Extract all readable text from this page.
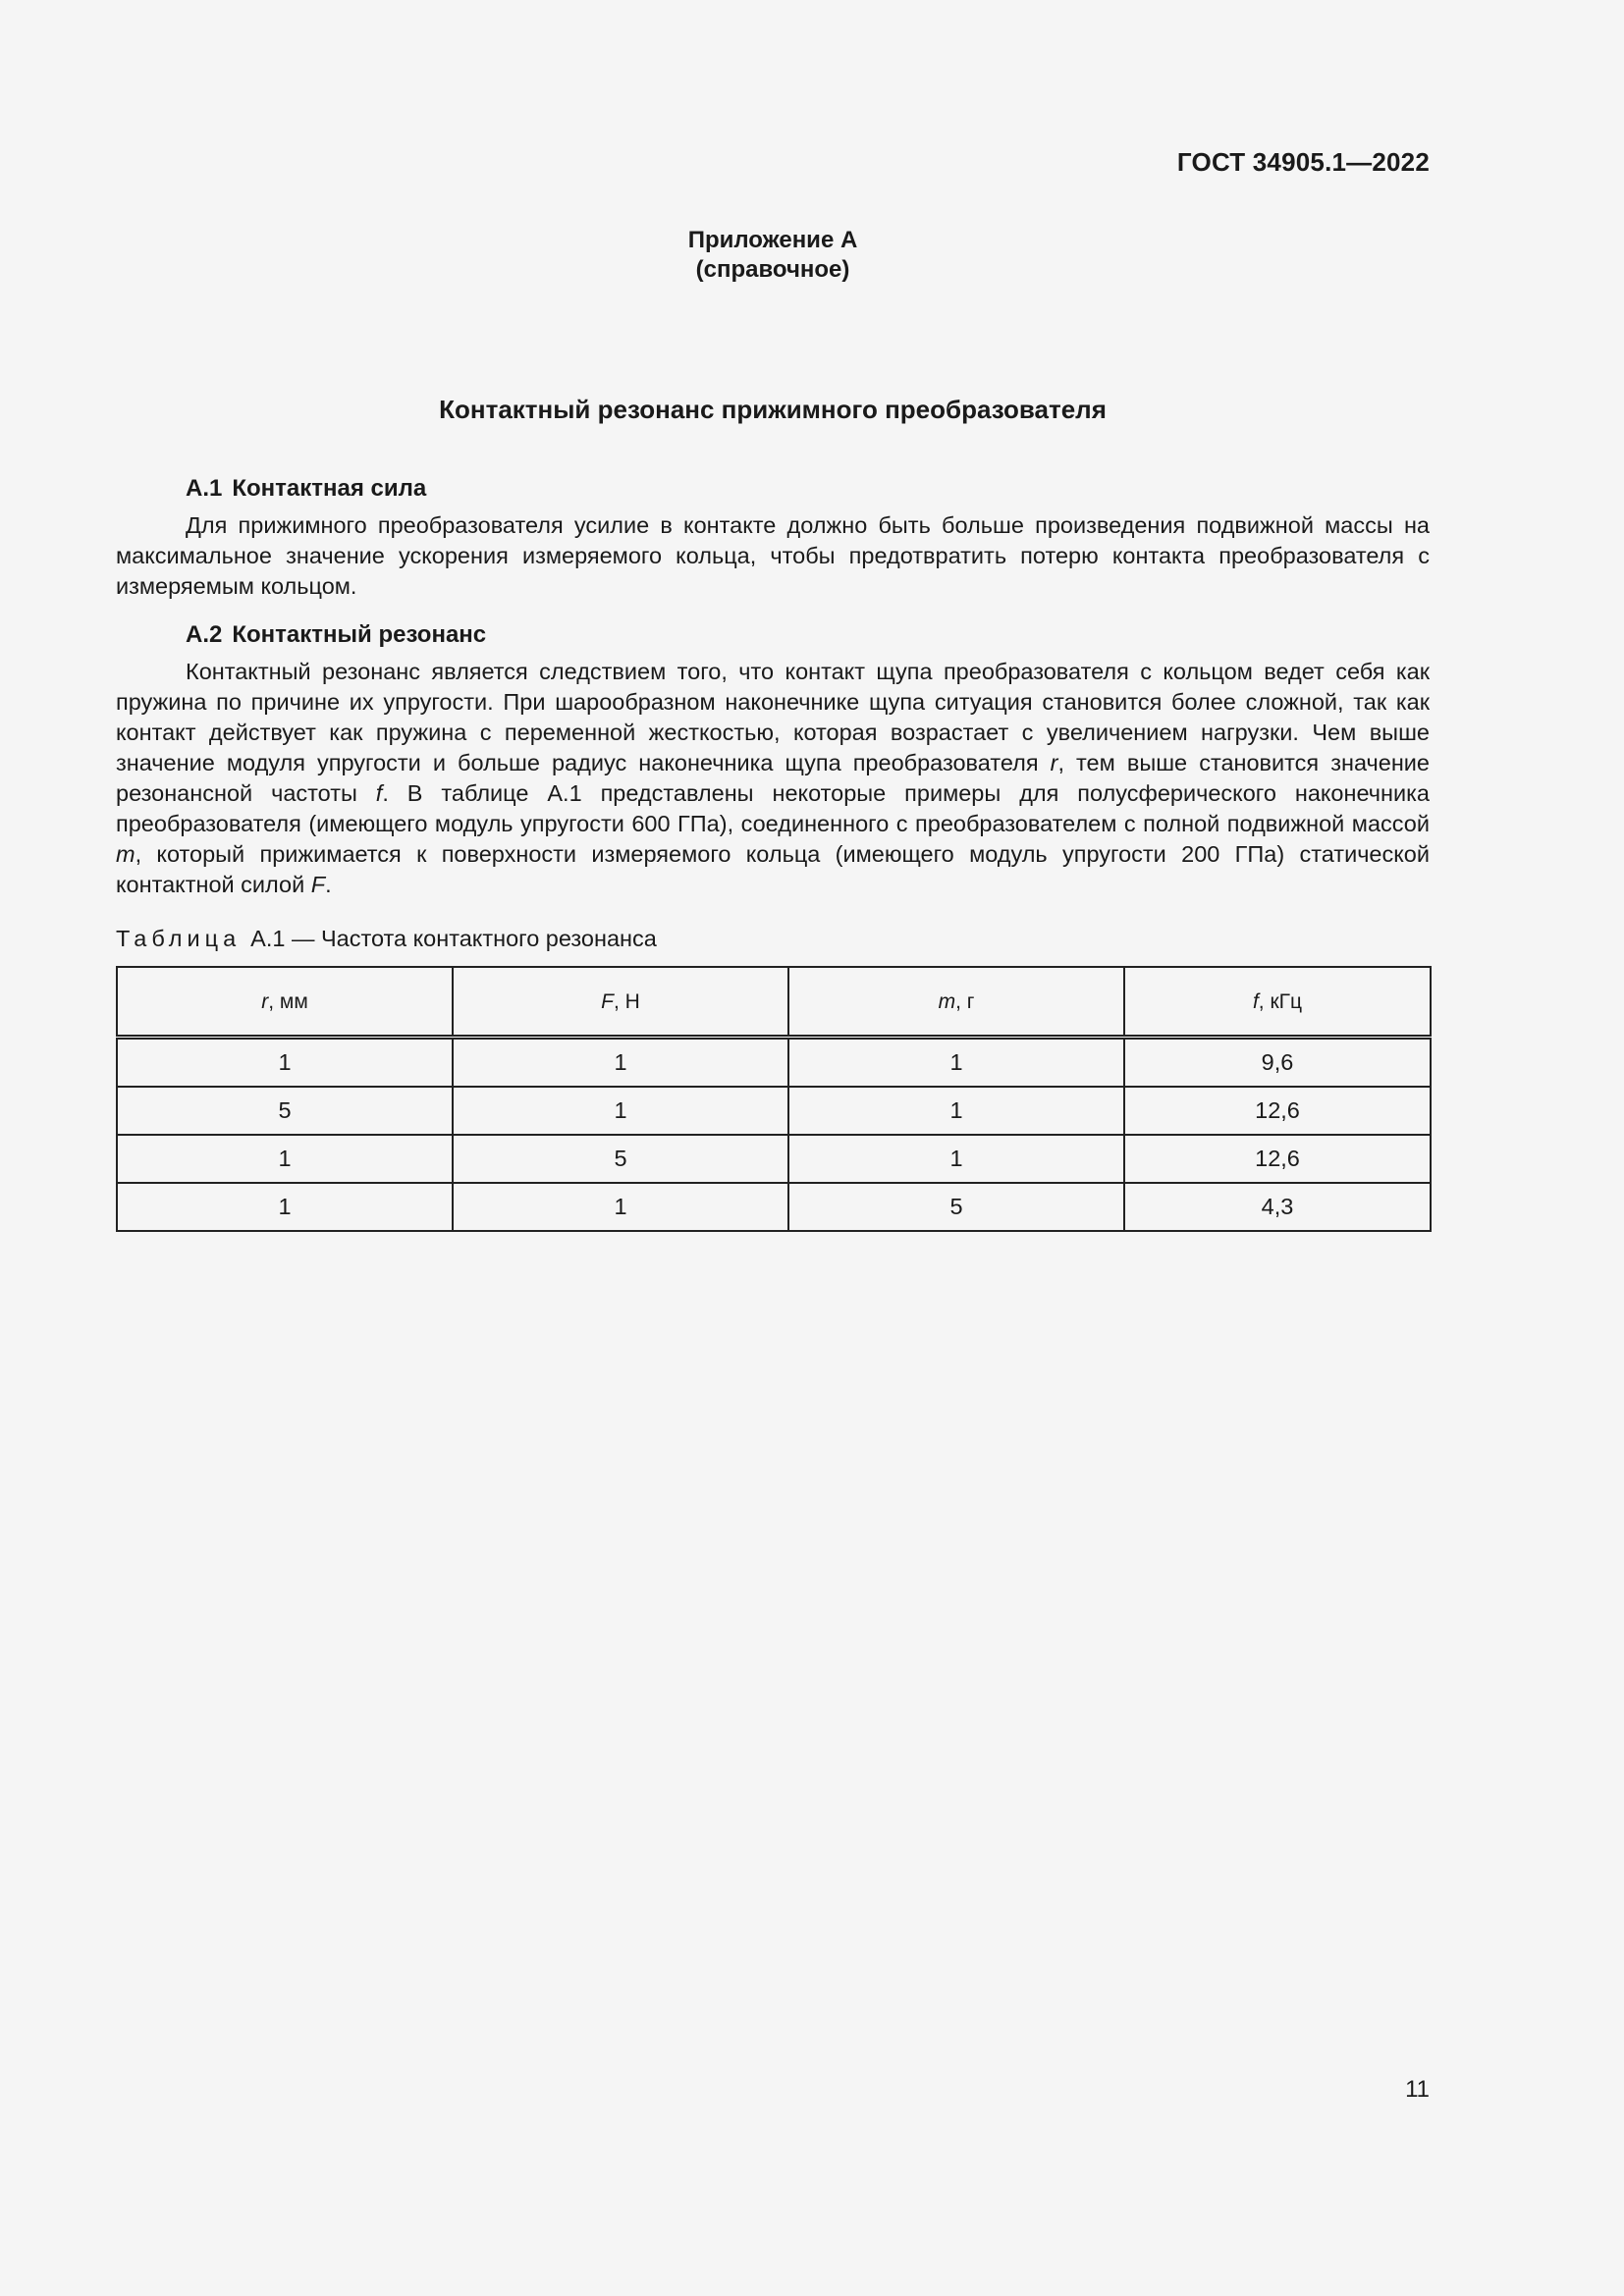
ГОСТ 34905.1—2022
Приложение А
(справочное)
Контактный резонанс прижимного преобразователя
А.1 Контактная сила

Для прижимного преобразователя усилие в контакте должно быть больше произведения подвижной массы на максимальное значение ускорения измеряемого кольца, чтобы предотвратить потерю контакта преобразователя с измеряемым кольцом.

А.2 Контактный резонанс

Контактный резонанс является следствием того, что контакт щупа преобразователя с кольцом ведет себя как пружина по причине их упругости. При шарообразном наконечнике щупа ситуация становится более сложной, так как контакт действует как пружина с переменной жесткостью, которая возрастает с увеличением нагрузки. Чем выше значение модуля упругости и больше радиус наконечника щупа преобразователя r, тем выше становится значение резонансной частоты f. В таблице А.1 представлены некоторые примеры для полусферического наконечника преобразователя (имеющего модуль упругости 600 ГПа), соединенного с преобразователем с полной подвижной массой m, который прижимается к поверхности измеряемого кольца (имеющего модуль упругости 200 ГПа) статической контактной силой F.

Таблица А.1 — Частота контактного резонанса
r, мм	F, Н	m, г	f, кГц
1	1	1	9,6
5	1	1	12,6
1	5	1	12,6
1	1	5	4,3
11
